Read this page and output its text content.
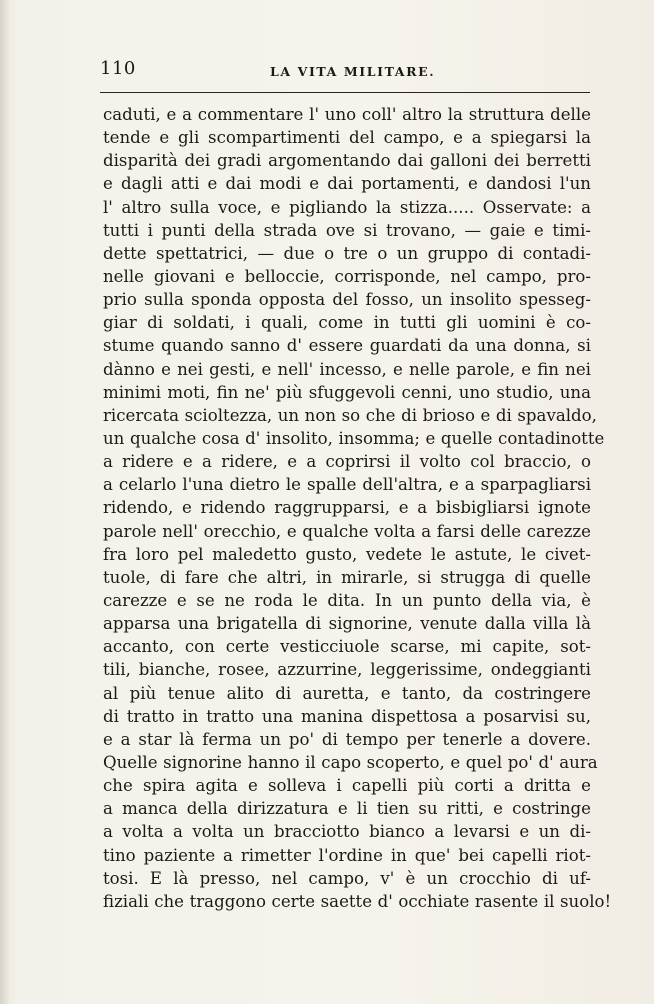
110	LA VITA MILITARE.
caduti, e a commentare l' uno coll' altro la struttura delle
tende e gli scompartimenti del campo, e a spiegarsi la
disparità dei gradi argomentando dai galloni dei berretti
e dagli atti e dai modi e dai portamenti, e dandosi l'un
l' altro sulla voce, e pigliando la stizza..... Osservate: a
tutti i punti della strada ove si trovano, — gaie e timi-
dette spettatrici, — due o tre o un gruppo di contadi-
nelle giovani e belloccie, corrisponde, nel campo, pro-
prio sulla sponda opposta del fosso, un insolito spesseg-
giar di soldati, i quali, come in tutti gli uomini è co-
stume quando sanno d' essere guardati da una donna, si
dànno e nei gesti, e nell' incesso, e nelle parole, e fin nei
minimi moti, fin ne' più sfuggevoli cenni, uno studio, una
ricercata scioltezza, un non so che di brioso e di spavaldo,
un qualche cosa d' insolito, insomma; e quelle contadinotte
a ridere e a ridere, e a coprirsi il volto col braccio, o
a celarlo l'una dietro le spalle dell'altra, e a sparpagliarsi
ridendo, e ridendo raggrupparsi, e a bisbigliarsi ignote
parole nell' orecchio, e qualche volta a farsi delle carezze
fra loro pel maledetto gusto, vedete le astute, le civet-
tuole, di fare che altri, in mirarle, si strugga di quelle
carezze e se ne roda le dita. In un punto della via, è
apparsa una brigatella di signorine, venute dalla villa là
accanto, con certe vesticciuole scarse, mi capite, sot-
tili, bianche, rosee, azzurrine, leggerissime, ondeggianti
al più tenue alito di auretta, e tanto, da costringere
di tratto in tratto una manina dispettosa a posarvisi su,
e a star là ferma un po' di tempo per tenerle a dovere.
Quelle signorine hanno il capo scoperto, e quel po' d' aura
che spira agita e solleva i capelli più corti a dritta e
a manca della dirizzatura e li tien su ritti, e costringe
a volta a volta un bracciotto bianco a levarsi e un di-
tino paziente a rimetter l'ordine in que' bei capelli riot-
tosi. E là presso, nel campo, v' è un crocchio di uf-
fiziali che traggono certe saette d' occhiate rasente il suolo!
